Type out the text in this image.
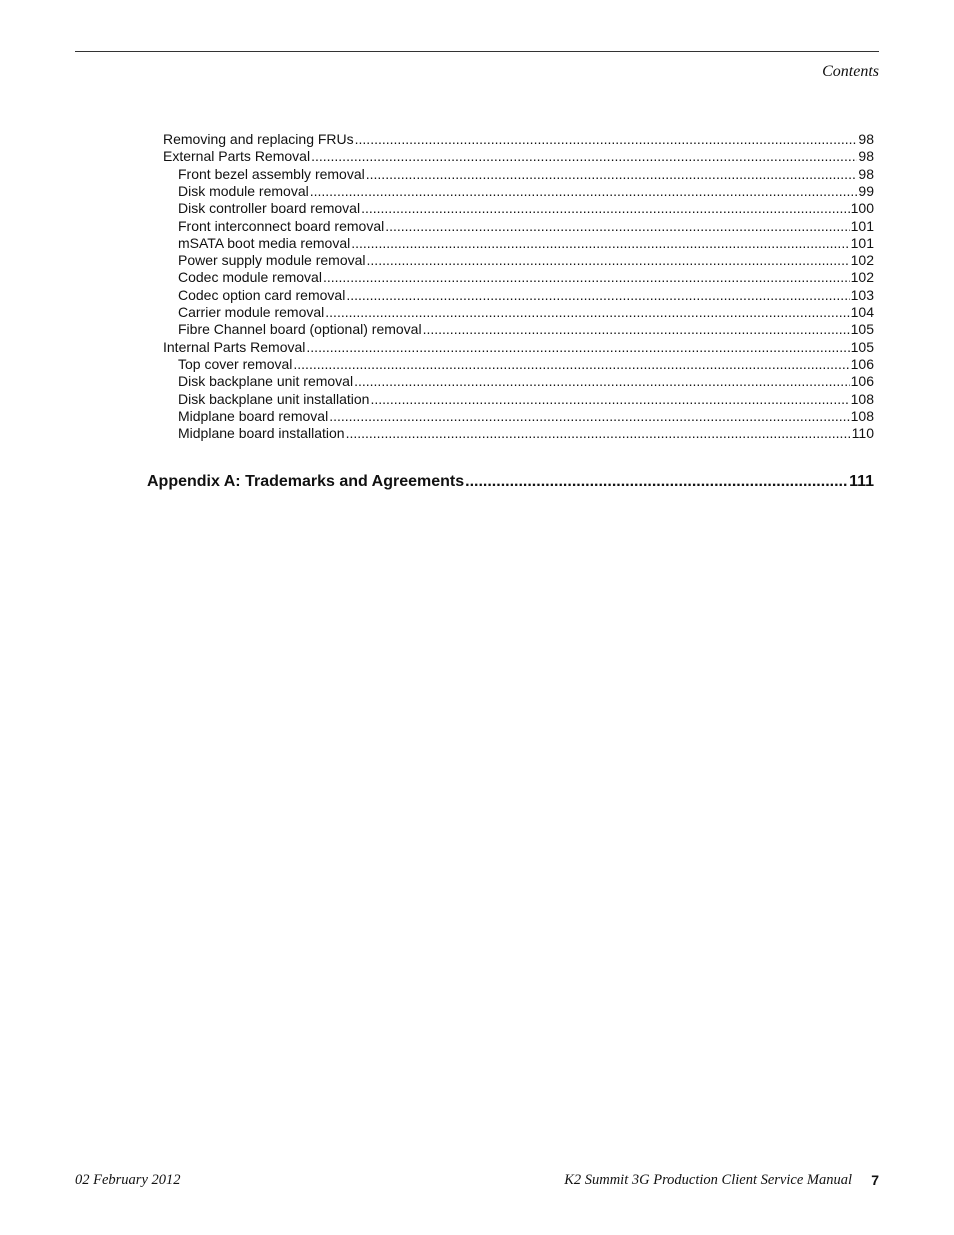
Contents
Removing and replacing FRUs .....	98
External Parts Removal .....	98
Front bezel assembly removal .....	98
Disk module removal .....	99
Disk controller board removal .....	100
Front interconnect board removal .....	101
mSATA boot media removal .....	101
Power supply module removal .....	102
Codec module removal .....	102
Codec option card removal .....	103
Carrier module removal .....	104
Fibre Channel board (optional) removal .....	105
Internal Parts Removal .....	105
Top cover removal .....	106
Disk backplane unit removal .....	106
Disk backplane unit installation .....	108
Midplane board removal .....	108
Midplane board installation .....	110
Appendix A: Trademarks and Agreements .....	111
02 February 2012	K2 Summit 3G Production Client Service Manual 7
